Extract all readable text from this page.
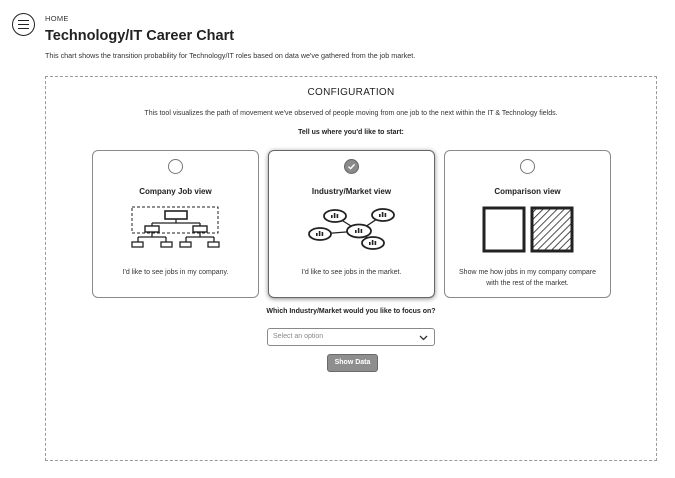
HOME
Technology/IT Career Chart
This chart shows the transition probability for Technology/IT roles based on data we've gathered from the job market.
CONFIGURATION
This tool visualizes the path of movement we've observed of people moving from one job to the next within the IT & Technology fields.
Tell us where you'd like to start:
Company Job view
I'd like to see jobs in my company.
Industry/Market view
I'd like to see jobs in the market.
Comparison view
Show me how jobs in my company compare with the rest of the market.
Which Industry/Market would you like to focus on?
Select an option
Show Data
